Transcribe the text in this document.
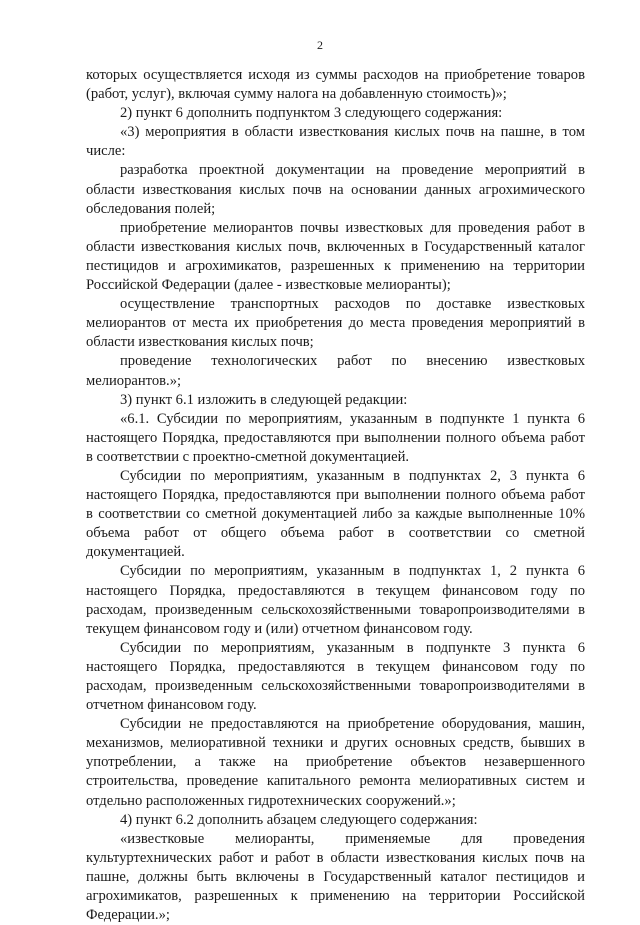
2

которых осуществляется исходя из суммы расходов на приобретение товаров (работ, услуг), включая сумму налога на добавленную стоимость)»;

2) пункт 6 дополнить подпунктом 3 следующего содержания:

«3) мероприятия в области известкования кислых почв на пашне, в том числе:

разработка проектной документации на проведение мероприятий в области известкования кислых почв на основании данных агрохимического обследования полей;

приобретение мелиорантов почвы известковых для проведения работ в области известкования кислых почв, включенных в Государственный каталог пестицидов и агрохимикатов, разрешенных к применению на территории Российской Федерации (далее - известковые мелиоранты);

осуществление транспортных расходов по доставке известковых мелиорантов от места их приобретения до места проведения мероприятий в области известкования кислых почв;

проведение технологических работ по внесению известковых мелиорантов.»;

3) пункт 6.1 изложить в следующей редакции:

«6.1. Субсидии по мероприятиям, указанным в подпункте 1 пункта 6 настоящего Порядка, предоставляются при выполнении полного объема работ в соответствии с проектно-сметной документацией.

Субсидии по мероприятиям, указанным в подпунктах 2, 3 пункта 6 настоящего Порядка, предоставляются при выполнении полного объема работ в соответствии со сметной документацией либо за каждые выполненные 10% объема работ от общего объема работ в соответствии со сметной документацией.

Субсидии по мероприятиям, указанным в подпунктах 1, 2 пункта 6 настоящего Порядка, предоставляются в текущем финансовом году по расходам, произведенным сельскохозяйственными товаропроизводителями в текущем финансовом году и (или) отчетном финансовом году.

Субсидии по мероприятиям, указанным в подпункте 3 пункта 6 настоящего Порядка, предоставляются в текущем финансовом году по расходам, произведенным сельскохозяйственными товаропроизводителями в отчетном финансовом году.

Субсидии не предоставляются на приобретение оборудования, машин, механизмов, мелиоративной техники и других основных средств, бывших в употреблении, а также на приобретение объектов незавершенного строительства, проведение капитального ремонта мелиоративных систем и отдельно расположенных гидротехнических сооружений.»;

4) пункт 6.2 дополнить абзацем следующего содержания:

«известковые мелиоранты, применяемые для проведения культуртехнических работ и работ в области известкования кислых почв на пашне, должны быть включены в Государственный каталог пестицидов и агрохимикатов, разрешенных к применению на территории Российской Федерации.»;
